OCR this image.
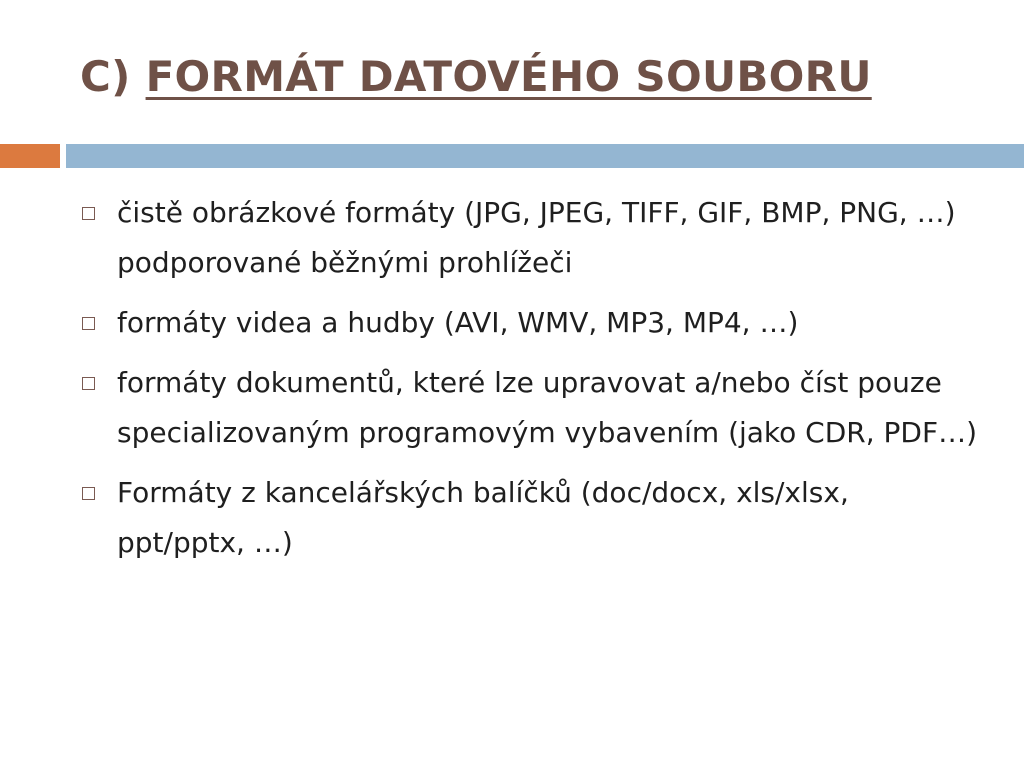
C) FORMÁT DATOVÉHO SOUBORU
čistě obrázkové formáty (JPG, JPEG, TIFF, GIF, BMP, PNG, …) podporované běžnými prohlížeči
formáty videa a hudby (AVI, WMV, MP3, MP4, …)
formáty dokumentů, které lze upravovat a/nebo číst pouze specializovaným programovým vybavením (jako CDR, PDF…)
Formáty z kancelářských balíčků (doc/docx, xls/xlsx, ppt/pptx, …)
